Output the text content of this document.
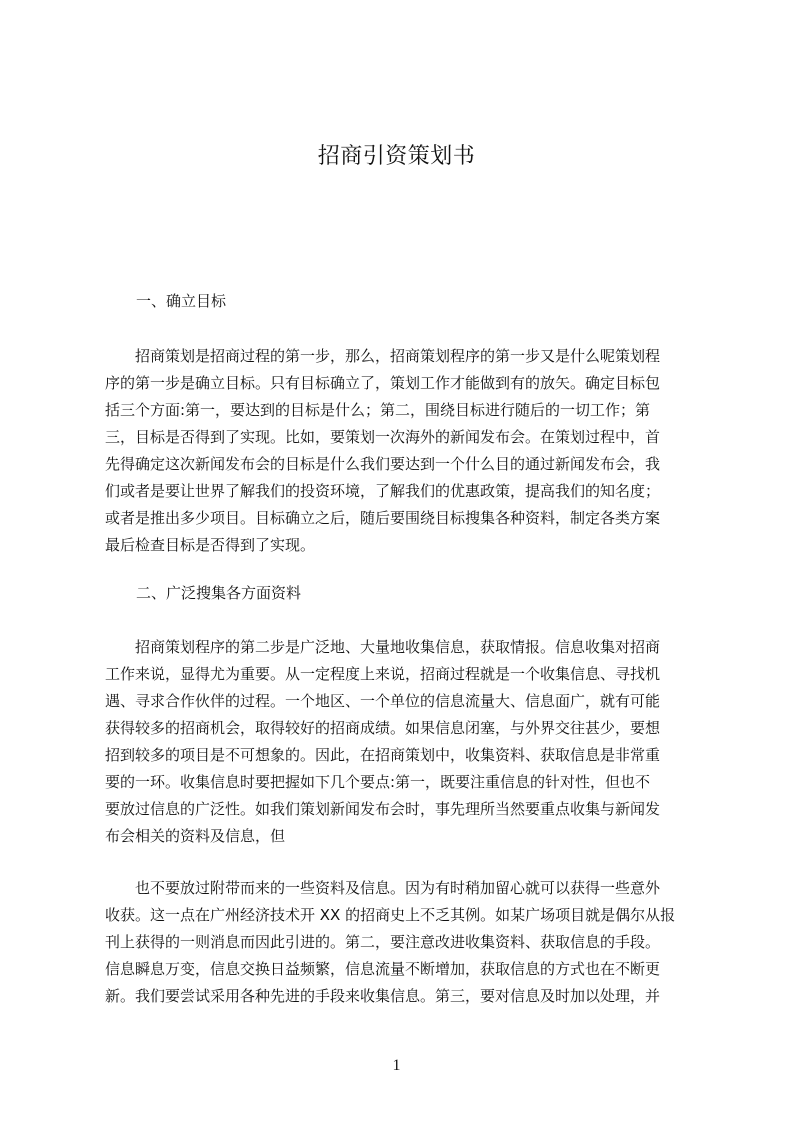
招商引资策划书
一、确立目标
　　招商策划是招商过程的第一步，那么，招商策划程序的第一步又是什么呢策划程
序的第一步是确立目标。只有目标确立了，策划工作才能做到有的放矢。确定目标包
括三个方面:第一，要达到的目标是什么；第二，围绕目标进行随后的一切工作；第
三，目标是否得到了实现。比如，要策划一次海外的新闻发布会。在策划过程中，首
先得确定这次新闻发布会的目标是什么我们要达到一个什么目的通过新闻发布会，我
们或者是要让世界了解我们的投资环境，了解我们的优惠政策，提高我们的知名度；
或者是推出多少项目。目标确立之后，随后要围绕目标搜集各种资料，制定各类方案
最后检查目标是否得到了实现。
二、广泛搜集各方面资料
　　招商策划程序的第二步是广泛地、大量地收集信息，获取情报。信息收集对招商
工作来说，显得尤为重要。从一定程度上来说，招商过程就是一个收集信息、寻找机
遇、寻求合作伙伴的过程。一个地区、一个单位的信息流量大、信息面广，就有可能
获得较多的招商机会，取得较好的招商成绩。如果信息闭塞，与外界交往甚少，要想
招到较多的项目是不可想象的。因此，在招商策划中，收集资料、获取信息是非常重
要的一环。收集信息时要把握如下几个要点:第一，既要注重信息的针对性，但也不
要放过信息的广泛性。如我们策划新闻发布会时，事先理所当然要重点收集与新闻发
布会相关的资料及信息，但
　　也不要放过附带而来的一些资料及信息。因为有时稍加留心就可以获得一些意外
收获。这一点在广州经济技术开 XX 的招商史上不乏其例。如某广场项目就是偶尔从报
刊上获得的一则消息而因此引进的。第二，要注意改进收集资料、获取信息的手段。
信息瞬息万变，信息交换日益频繁，信息流量不断增加，获取信息的方式也在不断更
新。我们要尝试采用各种先进的手段来收集信息。第三，要对信息及时加以处理，并
1
